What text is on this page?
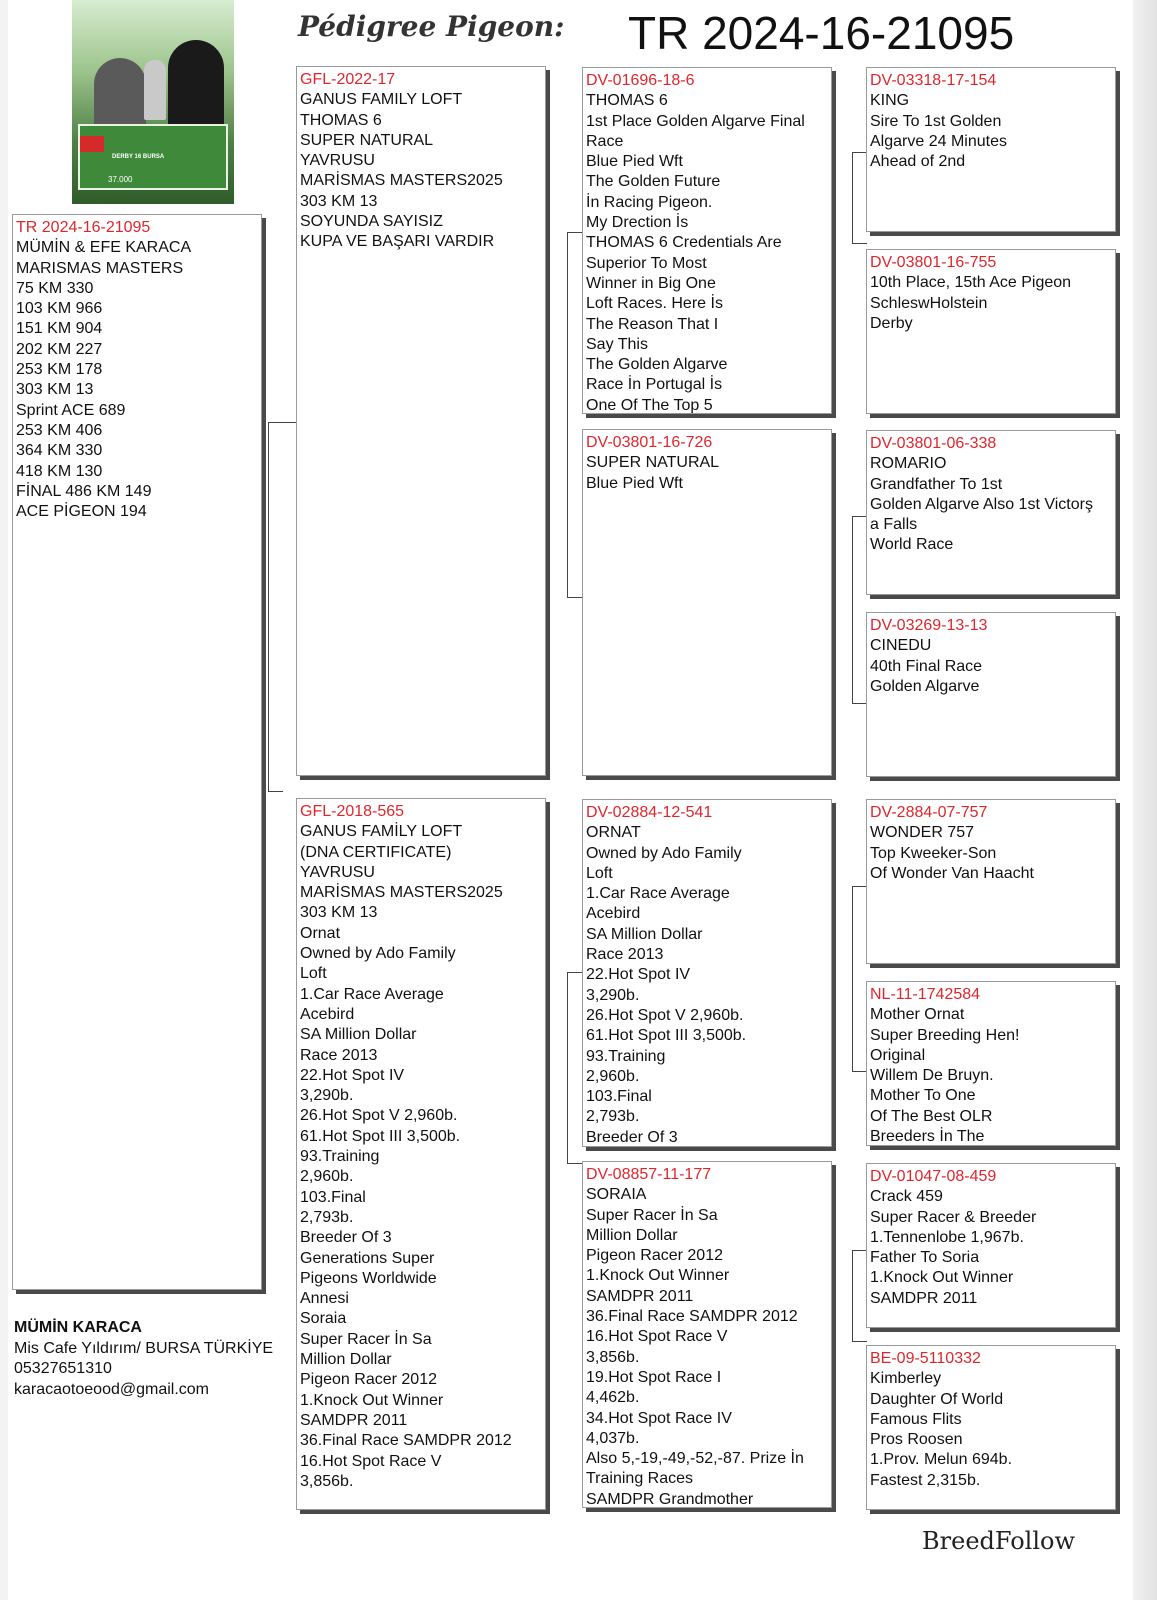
DERBY 16 BURSA
37.000
Pédigree Pigeon: TR 2024-16-21095
TR 2024-16-21095
MÜMİN & EFE KARACA
MARISMAS MASTERS
75 KM 330
103 KM 966
151 KM 904
202 KM 227
253 KM 178
303 KM 13
Sprint ACE 689
253 KM 406
364 KM 330
418 KM 130
FİNAL 486 KM 149
ACE PİGEON 194
GFL-2022-17
GANUS FAMILY LOFT
THOMAS 6
SUPER NATURAL
YAVRUSU
MARİSMAS MASTERS2025
303 KM 13
SOYUNDA SAYISIZ
KUPA VE BAŞARI VARDIR
GFL-2018-565
GANUS FAMİLY LOFT
(DNA CERTIFICATE)
YAVRUSU
MARİSMAS MASTERS2025
303 KM 13
Ornat
Owned by Ado Family
Loft
1.Car Race Average
Acebird
SA Million Dollar
Race 2013
22.Hot Spot IV
3,290b.
26.Hot Spot V 2,960b.
61.Hot Spot III 3,500b.
93.Training
2,960b.
103.Final
2,793b.
Breeder Of 3
Generations Super
Pigeons Worldwide
Annesi
Soraia
Super Racer İn Sa
Million Dollar
Pigeon Racer 2012
1.Knock Out Winner
SAMDPR 2011
36.Final Race SAMDPR 2012
16.Hot Spot Race V
3,856b.
DV-01696-18-6
THOMAS 6
1st Place Golden Algarve Final
Race
Blue Pied Wft
The Golden Future
İn Racing Pigeon.
My Drection İs
THOMAS 6 Credentials Are
Superior To Most
Winner in Big One
Loft Races. Here İs
The Reason That I
Say This
The Golden Algarve
Race İn Portugal İs
One Of The Top 5
DV-03801-16-726
SUPER NATURAL
Blue Pied Wft
DV-02884-12-541
ORNAT
Owned by Ado Family
Loft
1.Car Race Average
Acebird
SA Million Dollar
Race 2013
22.Hot Spot IV
3,290b.
26.Hot Spot V 2,960b.
61.Hot Spot III 3,500b.
93.Training
2,960b.
103.Final
2,793b.
Breeder Of 3
DV-08857-11-177
SORAIA
Super Racer İn Sa
Million Dollar
Pigeon Racer 2012
1.Knock Out Winner
SAMDPR 2011
36.Final Race SAMDPR 2012
16.Hot Spot Race V
3,856b.
19.Hot Spot Race I
4,462b.
34.Hot Spot Race IV
4,037b.
Also 5,-19,-49,-52,-87. Prize İn
Training Races
SAMDPR Grandmother
DV-03318-17-154
KING
Sire To 1st Golden
Algarve 24 Minutes
Ahead of 2nd
DV-03801-16-755
10th Place, 15th Ace Pigeon
SchleswHolstein
Derby
DV-03801-06-338
ROMARIO
Grandfather To 1st
Golden Algarve Also 1st Victorş
a Falls
World Race
DV-03269-13-13
CINEDU
40th Final Race
Golden Algarve
DV-2884-07-757
WONDER 757
Top Kweeker-Son
Of Wonder Van Haacht
NL-11-1742584
Mother Ornat
Super Breeding Hen!
Original
Willem De Bruyn.
Mother To One
Of The Best OLR
Breeders İn The
DV-01047-08-459
Crack 459
Super Racer & Breeder
1.Tennenlobe 1,967b.
Father To Soria
1.Knock Out Winner
SAMDPR 2011
BE-09-5110332
Kimberley
Daughter Of World
Famous Flits
Pros Roosen
1.Prov. Melun 694b.
Fastest 2,315b.
MÜMİN KARACA
Mis Cafe Yıldırım/ BURSA TÜRKİYE
05327651310
karacaotoeood@gmail.com
BreedFollow
